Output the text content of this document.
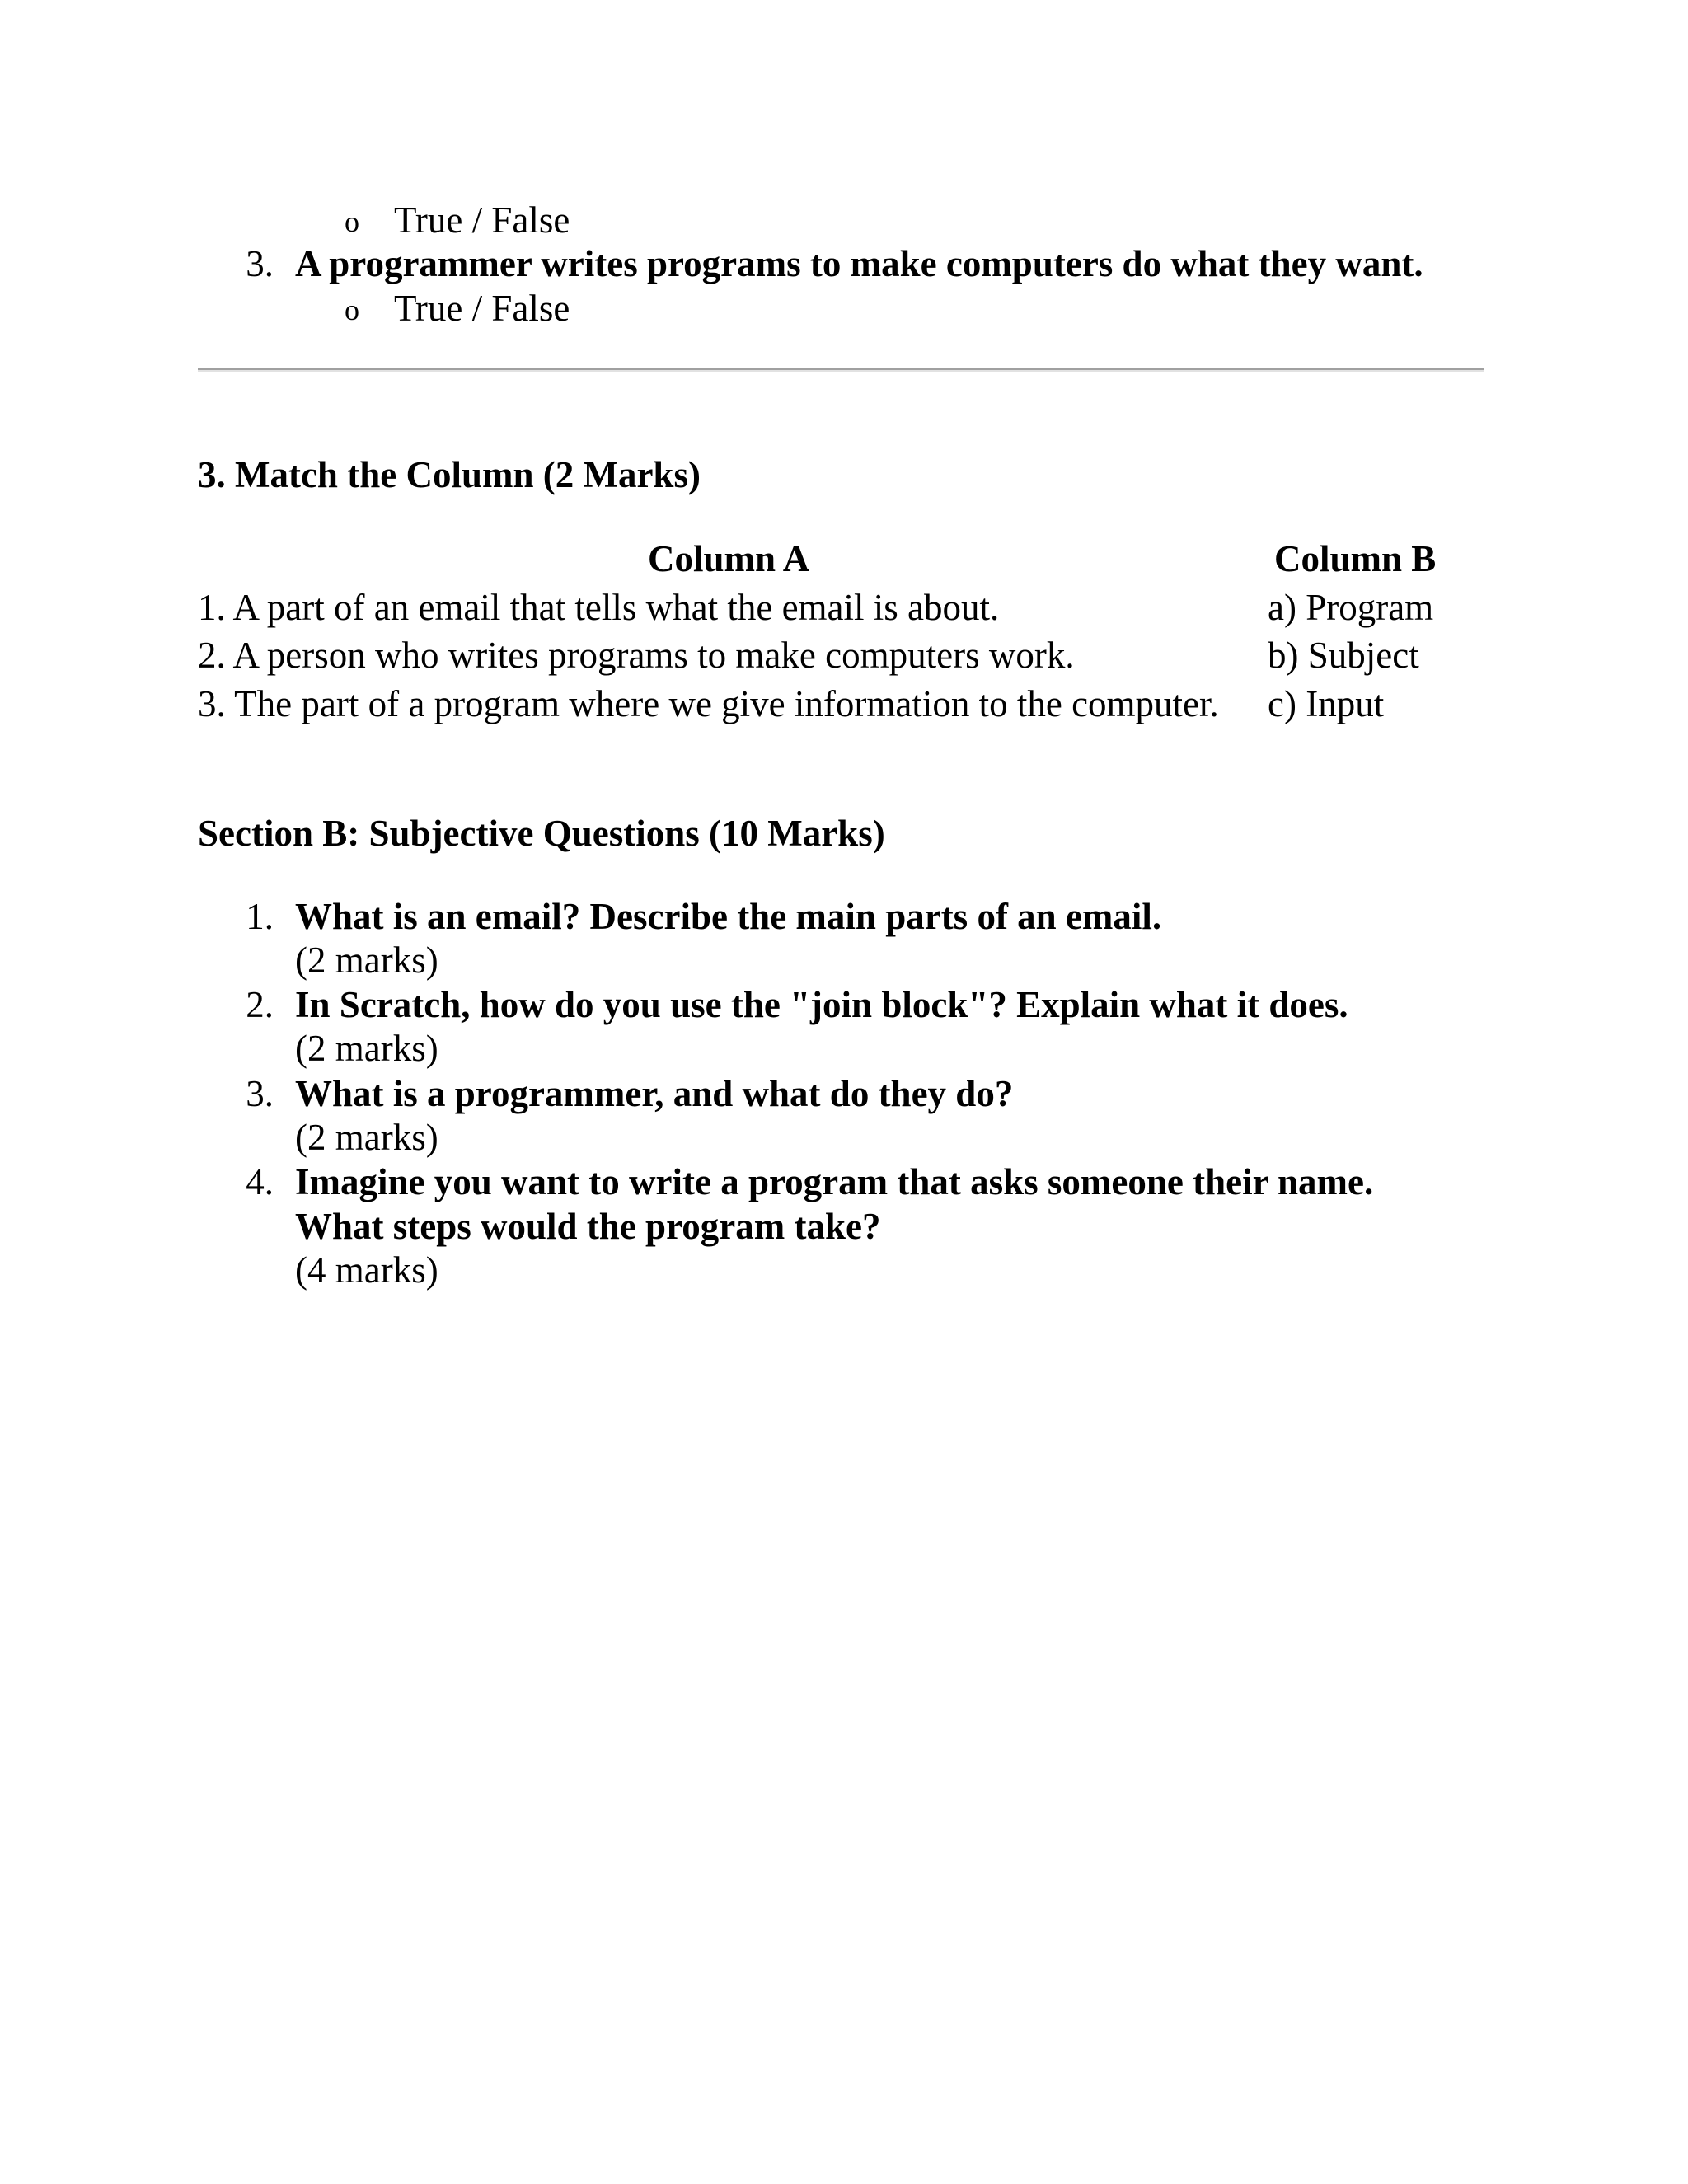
o True / False
3. A programmer writes programs to make computers do what they want.
o True / False
3. Match the Column (2 Marks)
Column A	Column B
1. A part of an email that tells what the email is about.	a) Program
2. A person who writes programs to make computers work.	b) Subject
3. The part of a program where we give information to the computer. c) Input
Section B: Subjective Questions (10 Marks)
1. What is an email? Describe the main parts of an email.
(2 marks)
2. In Scratch, how do you use the "join block"? Explain what it does.
(2 marks)
3. What is a programmer, and what do they do?
(2 marks)
4. Imagine you want to write a program that asks someone their name.
What steps would the program take?
(4 marks)
